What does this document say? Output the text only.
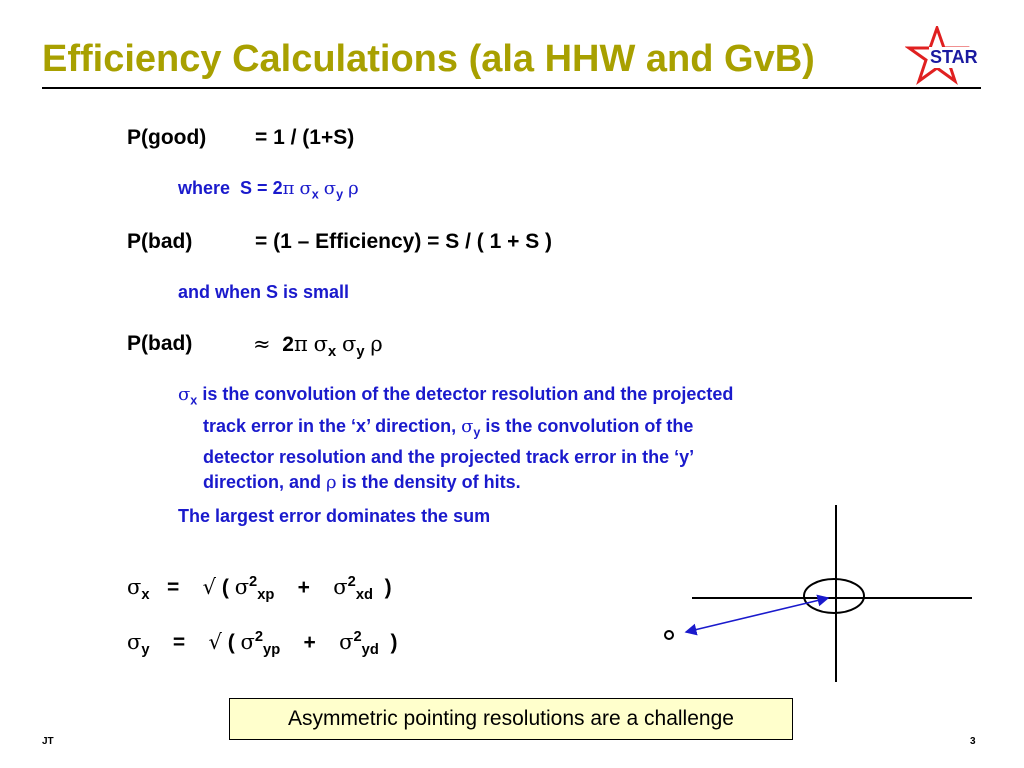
Efficiency Calculations (ala HHW and GvB)	STAR
P(good) = 1 / (1+S)
where S = 2π $\sigma_x$ $\sigma_y$ ρ
P(bad)	= (1 – Efficiency) = S / ( 1 + S )
and when S is small
P(bad)	≈ 2π $\sigma_x$ $\sigma_y$ ρ
$\sigma_x$ is the convolution of the detector resolution and the projected
track error in the ‘x’ direction, $\sigma_y$ is the convolution of the
detector resolution and the projected track error in the ‘y’
direction, and ρ is the density of hits.
The largest error dominates the sum
$\sigma_x$   =    √ ( $\sigma^2_{xp}$    +    $\sigma^2_{xd}$  )
$\sigma_y$    =    √ ( $\sigma^2_{yp}$    +    $\sigma^2_{yd}$  )
Asymmetric pointing resolutions are a challenge
JT	3
